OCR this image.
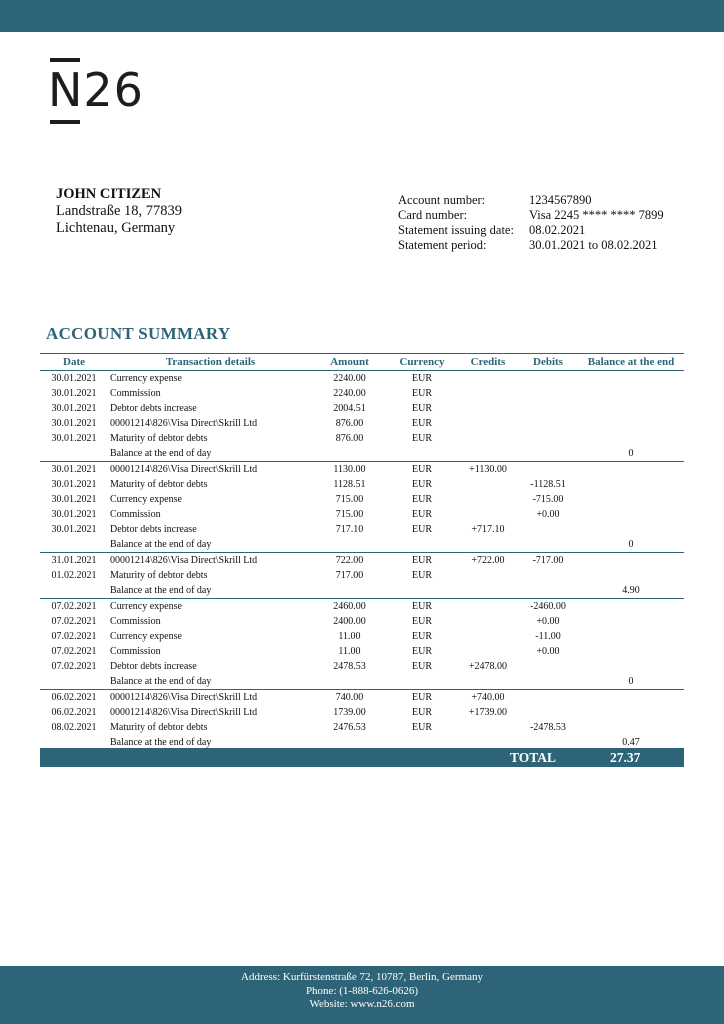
N26
JOHN CITIZEN
Landstraße 18, 77839
Lichtenau, Germany
Account number:	1234567890
Card number:	Visa 2245 **** **** 7899
Statement issuing date:	08.02.2021
Statement period:	30.01.2021 to 08.02.2021
ACCOUNT SUMMARY
Date	Transaction details	Amount	Currency	Credits	Debits	Balance at the end
30.01.2021	Currency expense	2240.00	EUR			
30.01.2021	Commission	2240.00	EUR			
30.01.2021	Debtor debts increase	2004.51	EUR			
30.01.2021	00001214\826\Visa Direct\Skrill Ltd	876.00	EUR			
30.01.2021	Maturity of debtor debts	876.00	EUR			
	Balance at the end of day					0
30.01.2021	00001214\826\Visa Direct\Skrill Ltd	1130.00	EUR	+1130.00		
30.01.2021	Maturity of debtor debts	1128.51	EUR		-1128.51	
30.01.2021	Currency expense	715.00	EUR		-715.00	
30.01.2021	Commission	715.00	EUR		+0.00	
30.01.2021	Debtor debts increase	717.10	EUR	+717.10		
	Balance at the end of day					0
31.01.2021	00001214\826\Visa Direct\Skrill Ltd	722.00	EUR	+722.00	-717.00	
01.02.2021	Maturity of debtor debts	717.00	EUR			
	Balance at the end of day					4.90
07.02.2021	Currency expense	2460.00	EUR		-2460.00	
07.02.2021	Commission	2400.00	EUR		+0.00	
07.02.2021	Currency expense	11.00	EUR		-11.00	
07.02.2021	Commission	11.00	EUR		+0.00	
07.02.2021	Debtor debts increase	2478.53	EUR	+2478.00		
	Balance at the end of day					0
06.02.2021	00001214\826\Visa Direct\Skrill Ltd	740.00	EUR	+740.00		
06.02.2021	00001214\826\Visa Direct\Skrill Ltd	1739.00	EUR	+1739.00		
08.02.2021	Maturity of debtor debts	2476.53	EUR		-2478.53	
	Balance at the end of day					0.47
TOTAL	27.37
Address: Kurfürstenstraße 72, 10787, Berlin, Germany
Phone: (1-888-626-0626)
Website: www.n26.com
